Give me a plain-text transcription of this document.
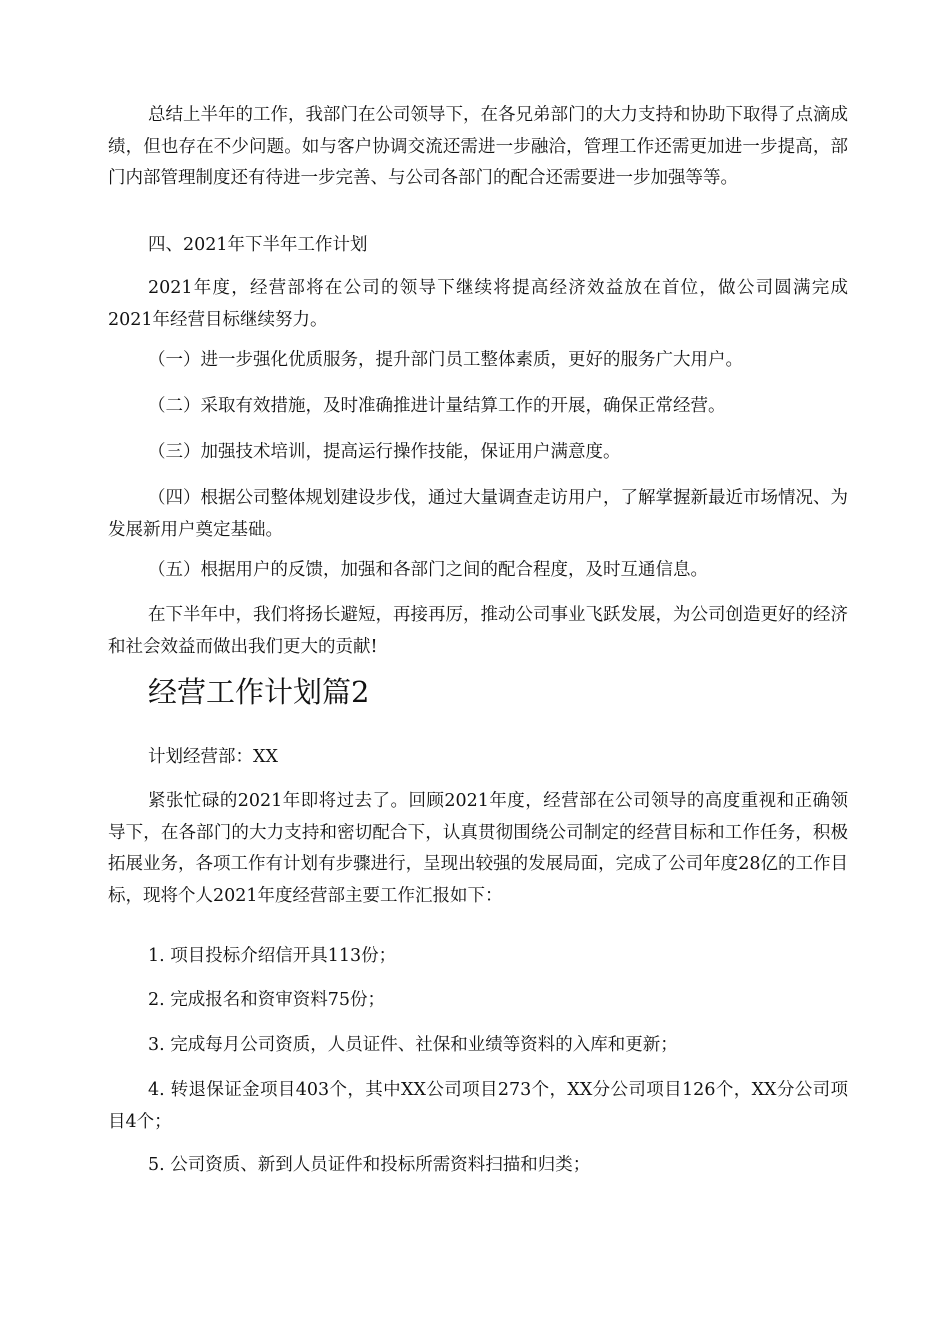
总结上半年的工作，我部门在公司领导下，在各兄弟部门的大力支持和协助下取得了点滴成绩，但也存在不少问题。如与客户协调交流还需进一步融洽，管理工作还需更加进一步提高，部门内部管理制度还有待进一步完善、与公司各部门的配合还需要进一步加强等等。

四、2021年下半年工作计划

2021年度，经营部将在公司的领导下继续将提高经济效益放在首位，做公司圆满完成2021年经营目标继续努力。

（一）进一步强化优质服务，提升部门员工整体素质，更好的服务广大用户。

（二）采取有效措施，及时准确推进计量结算工作的开展，确保正常经营。

（三）加强技术培训，提高运行操作技能，保证用户满意度。

（四）根据公司整体规划建设步伐，通过大量调查走访用户，了解掌握新最近市场情况、为发展新用户奠定基础。

（五）根据用户的反馈，加强和各部门之间的配合程度，及时互通信息。

在下半年中，我们将扬长避短，再接再厉，推动公司事业飞跃发展，为公司创造更好的经济和社会效益而做出我们更大的贡献!

经营工作计划篇2

计划经营部：XX

紧张忙碌的2021年即将过去了。回顾2021年度，经营部在公司领导的高度重视和正确领导下，在各部门的大力支持和密切配合下，认真贯彻围绕公司制定的经营目标和工作任务，积极拓展业务，各项工作有计划有步骤进行，呈现出较强的发展局面，完成了公司年度28亿的工作目标，现将个人2021年度经营部主要工作汇报如下：

1. 项目投标介绍信开具113份；

2. 完成报名和资审资料75份；

3. 完成每月公司资质，人员证件、社保和业绩等资料的入库和更新；

4. 转退保证金项目403个，其中XX公司项目273个，XX分公司项目126个，XX分公司项目4个；

5. 公司资质、新到人员证件和投标所需资料扫描和归类；
